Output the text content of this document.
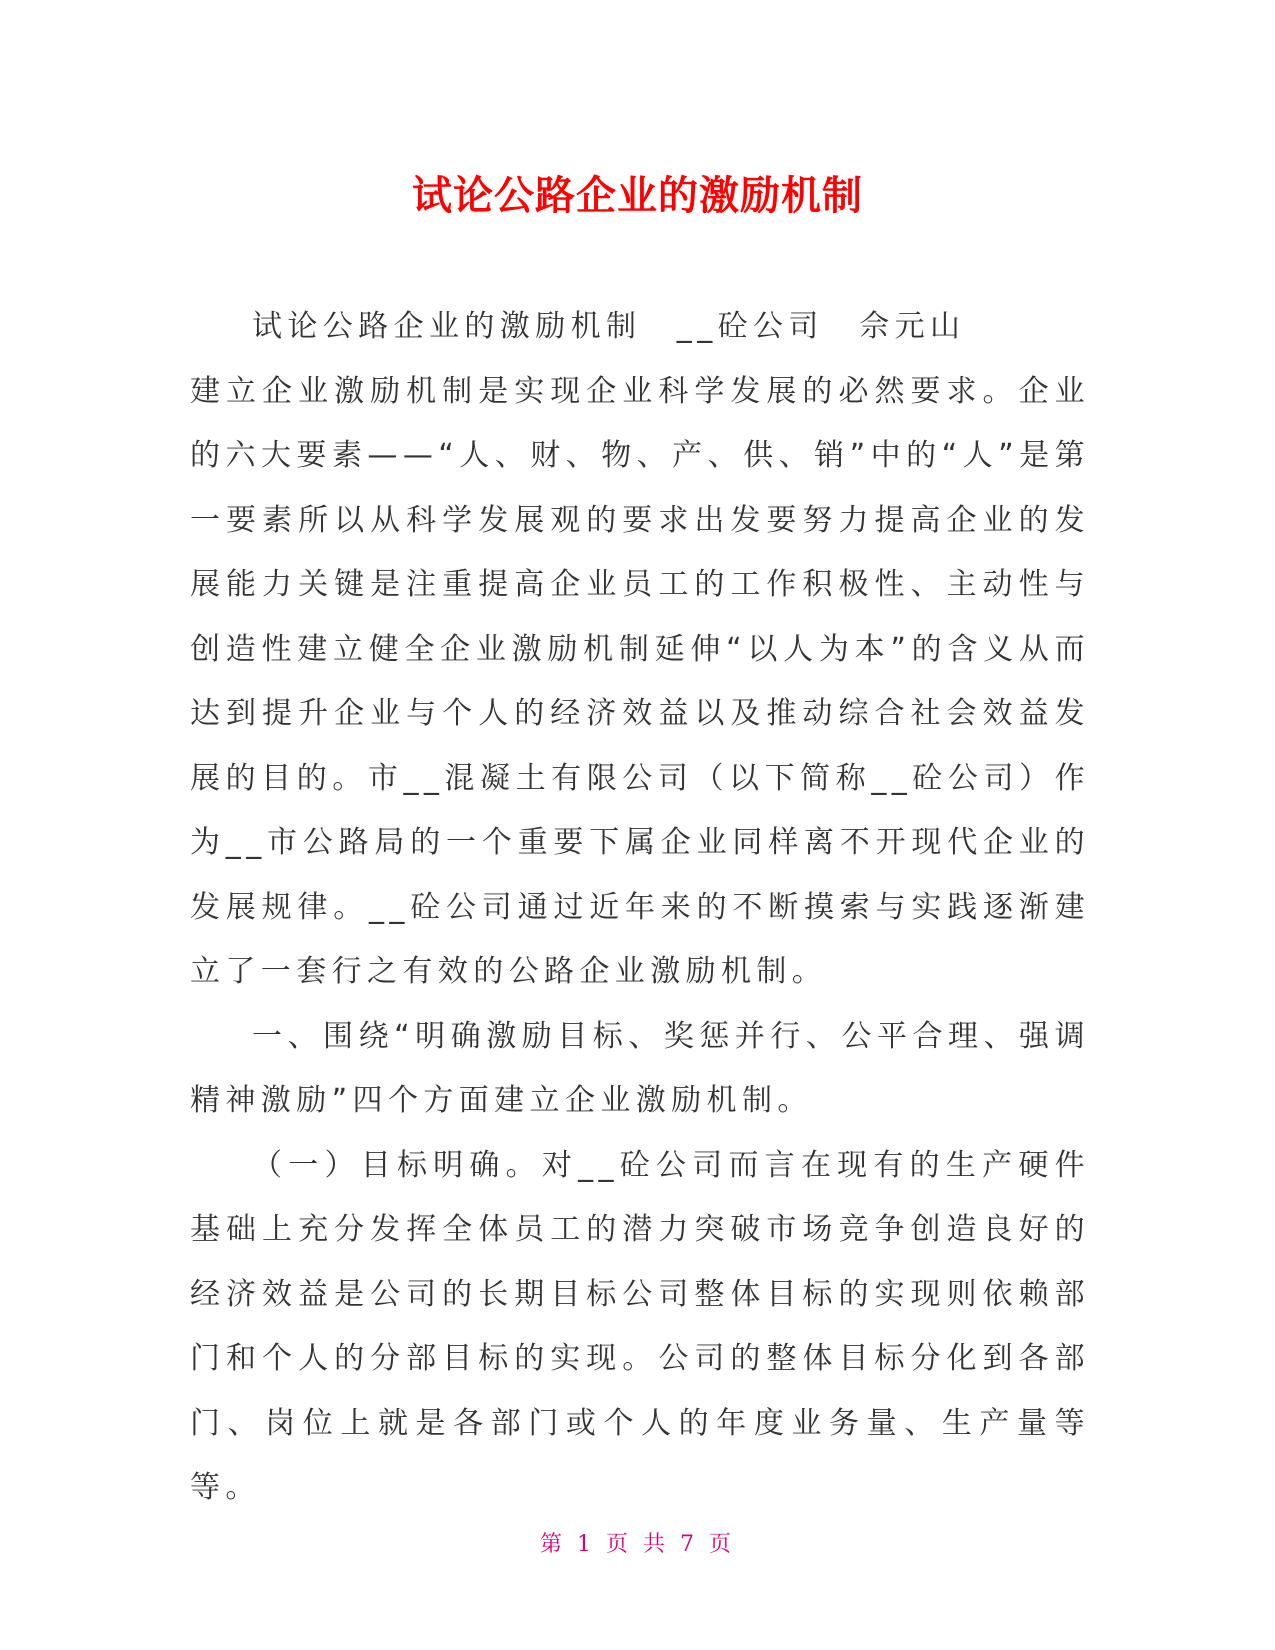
试论公路企业的激励机制

试论公路企业的激励机制　__砼公司　佘元山

建立企业激励机制是实现企业科学发展的必然要求。企业的六大要素——“人、财、物、产、供、销”中的“人”是第一要素所以从科学发展观的要求出发要努力提高企业的发展能力关键是注重提高企业员工的工作积极性、主动性与创造性建立健全企业激励机制延伸“以人为本”的含义从而达到提升企业与个人的经济效益以及推动综合社会效益发展的目的。市__混凝土有限公司（以下简称__砼公司）作为__市公路局的一个重要下属企业同样离不开现代企业的发展规律。__砼公司通过近年来的不断摸索与实践逐渐建立了一套行之有效的公路企业激励机制。

一、围绕“明确激励目标、奖惩并行、公平合理、强调精神激励”四个方面建立企业激励机制。

（一）目标明确。对__砼公司而言在现有的生产硬件基础上充分发挥全体员工的潜力突破市场竞争创造良好的经济效益是公司的长期目标公司整体目标的实现则依赖部门和个人的分部目标的实现。公司的整体目标分化到各部门、岗位上就是各部门或个人的年度业务量、生产量等等。

第 1 页 共 7 页
